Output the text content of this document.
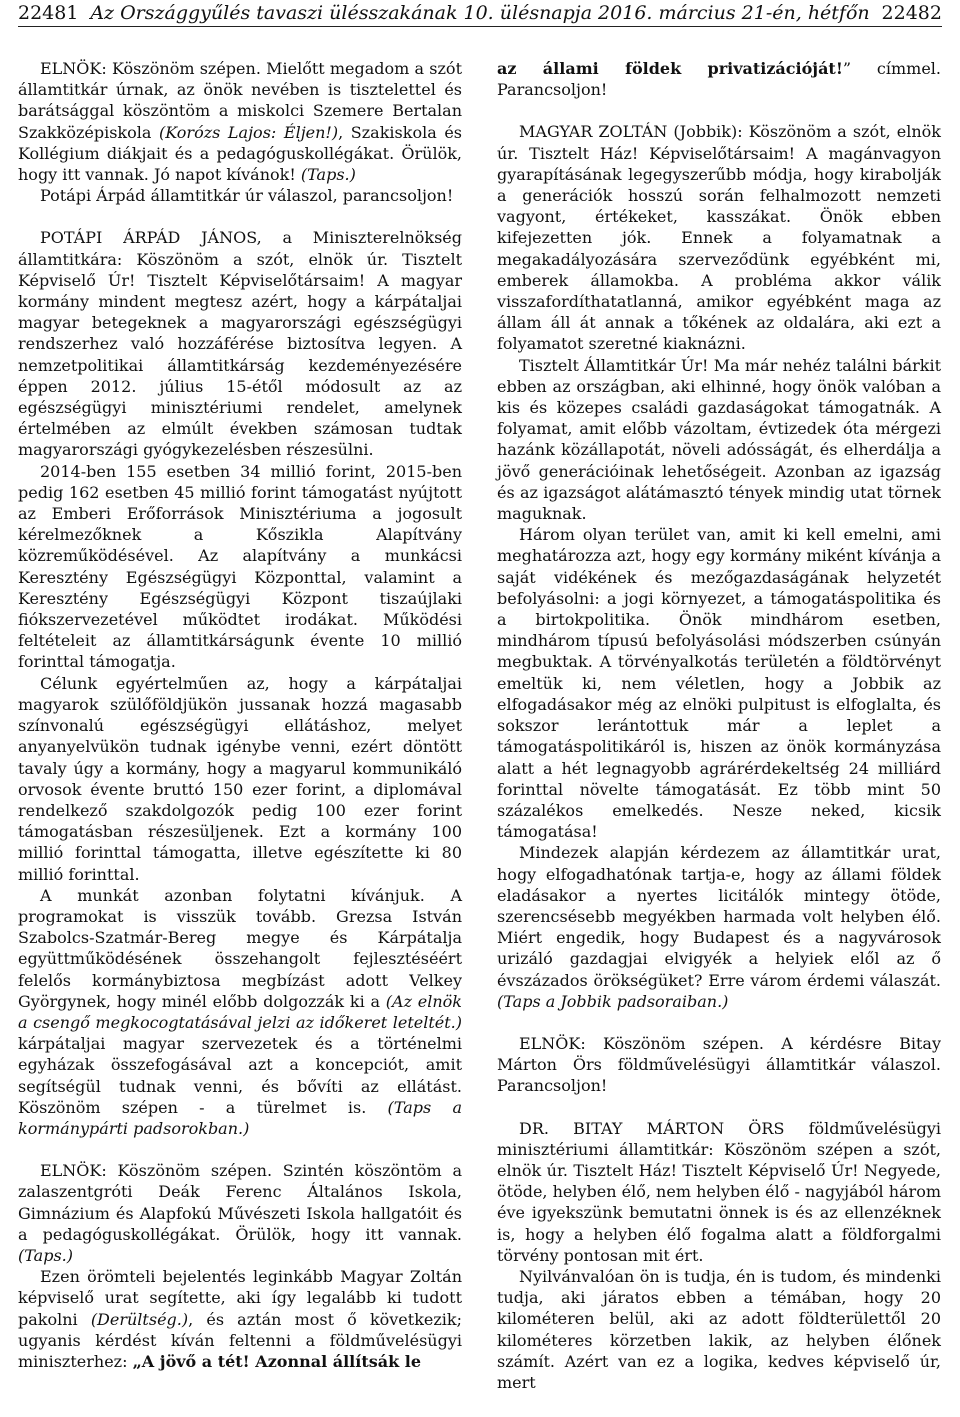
22481 Az Országgyűlés tavaszi ülésszakának 10. ülésnapja 2016. március 21-én, hétfőn 22482

ELNÖK: Köszönöm szépen. Mielőtt megadom a szót államtitkár úrnak, az önök nevében is tisztelettel és barátsággal köszöntöm a miskolci Szemere Bertalan Szakközépiskola (Korózs Lajos: Éljen!), Szakiskola és Kollégium diákjait és a pedagóguskollégákat. Örülök, hogy itt vannak. Jó napot kívánok! (Taps.)

Potápi Árpád államtitkár úr válaszol, parancsoljon!

POTÁPI ÁRPÁD JÁNOS, a Miniszterelnökség államtitkára: Köszönöm a szót, elnök úr. Tisztelt Képviselő Úr! Tisztelt Képviselőtársaim! A magyar kormány mindent megtesz azért, hogy a kárpátaljai magyar betegeknek a magyarországi egészségügyi rendszerhez való hozzáférése biztosítva legyen. A nemzetpolitikai államtitkárság kezdeményezésére éppen 2012. július 15-étől módosult az az egészségügyi minisztériumi rendelet, amelynek értelmében az elmúlt években számosan tudtak magyarországi gyógykezelésben részesülni.

2014-ben 155 esetben 34 millió forint, 2015-ben pedig 162 esetben 45 millió forint támogatást nyújtott az Emberi Erőforrások Minisztériuma a jogosult kérelmezőknek a Kőszikla Alapítvány közreműködésével. Az alapítvány a munkácsi Keresztény Egészségügyi Központtal, valamint a Keresztény Egészségügyi Központ tiszaújlaki fiókszervezetével működtet irodákat. Működési feltételeit az államtitkárságunk évente 10 millió forinttal támogatja.

Célunk egyértelműen az, hogy a kárpátaljai magyarok szülőföldjükön jussanak hozzá magasabb színvonalú egészségügyi ellátáshoz, melyet anyanyelvükön tudnak igénybe venni, ezért döntött tavaly úgy a kormány, hogy a magyarul kommunikáló orvosok évente bruttó 150 ezer forint, a diplomával rendelkező szakdolgozók pedig 100 ezer forint támogatásban részesüljenek. Ezt a kormány 100 millió forinttal támogatta, illetve egészítette ki 80 millió forinttal.

A munkát azonban folytatni kívánjuk. A programokat is visszük tovább. Grezsa István Szabolcs-Szatmár-Bereg megye és Kárpátalja együttműködésének összehangolt fejlesztéséért felelős kormánybiztosa megbízást adott Velkey Györgynek, hogy minél előbb dolgozzák ki a (Az elnök a csengő megkocogtatásával jelzi az időkeret leteltét.) kárpátaljai magyar szervezetek és a történelmi egyházak összefogásával azt a koncepciót, amit segítségül tudnak venni, és bővíti az ellátást. Köszönöm szépen - a türelmet is. (Taps a kormánypárti padsorokban.)

ELNÖK: Köszönöm szépen. Szintén köszöntöm a zalaszentgróti Deák Ferenc Általános Iskola, Gimnázium és Alapfokú Művészeti Iskola hallgatóit és a pedagóguskollégákat. Örülök, hogy itt vannak. (Taps.)

Ezen örömteli bejelentés leginkább Magyar Zoltán képviselő urat segítette, aki így legalább ki tudott pakolni (Derültség.), és aztán most ő következik; ugyanis kérdést kíván feltenni a földművelésügyi miniszterhez: „A jövő a tét! Azonnal állítsák le

az állami földek privatizációját!” címmel. Parancsoljon!

MAGYAR ZOLTÁN (Jobbik): Köszönöm a szót, elnök úr. Tisztelt Ház! Képviselőtársaim! A magánvagyon gyarapításának legegyszerűbb módja, hogy kirabolják a generációk hosszú során felhalmozott nemzeti vagyont, értékeket, kasszákat. Önök ebben kifejezetten jók. Ennek a folyamatnak a megakadályozására szerveződünk egyébként mi, emberek államokba. A probléma akkor válik visszafordíthatatlanná, amikor egyébként maga az állam áll át annak a tőkének az oldalára, aki ezt a folyamatot szeretné kiaknázni.

Tisztelt Államtitkár Úr! Ma már nehéz találni bárkit ebben az országban, aki elhinné, hogy önök valóban a kis és közepes családi gazdaságokat támogatnák. A folyamat, amit előbb vázoltam, évtizedek óta mérgezi hazánk közállapotát, növeli adósságát, és elherdálja a jövő generációinak lehetőségeit. Azonban az igazság és az igazságot alátámasztó tények mindig utat törnek maguknak.

Három olyan terület van, amit ki kell emelni, ami meghatározza azt, hogy egy kormány miként kívánja a saját vidékének és mezőgazdaságának helyzetét befolyásolni: a jogi környezet, a támogatáspolitika és a birtokpolitika. Önök mindhárom esetben, mindhárom típusú befolyásolási módszerben csúnyán megbuktak. A törvényalkotás területén a földtörvényt emeltük ki, nem véletlen, hogy a Jobbik az elfogadásakor még az elnöki pulpitust is elfoglalta, és sokszor lerántottuk már a leplet a támogatáspolitikáról is, hiszen az önök kormányzása alatt a hét legnagyobb agrárérdekeltség 24 milliárd forinttal növelte támogatását. Ez több mint 50 százalékos emelkedés. Nesze neked, kicsik támogatása!

Mindezek alapján kérdezem az államtitkár urat, hogy elfogadhatónak tartja-e, hogy az állami földek eladásakor a nyertes licitálók mintegy ötöde, szerencsésebb megyékben harmada volt helyben élő. Miért engedik, hogy Budapest és a nagyvárosok urizáló gazdagjai elvigyék a helyiek elől az ő évszázados örökségüket? Erre várom érdemi válaszát. (Taps a Jobbik padsoraiban.)

ELNÖK: Köszönöm szépen. A kérdésre Bitay Márton Örs földművelésügyi államtitkár válaszol. Parancsoljon!

DR. BITAY MÁRTON ÖRS földművelésügyi minisztériumi államtitkár: Köszönöm szépen a szót, elnök úr. Tisztelt Ház! Tisztelt Képviselő Úr! Negyede, ötöde, helyben élő, nem helyben élő - nagyjából három éve igyekszünk bemutatni önnek is és az ellenzéknek is, hogy a helyben élő fogalma alatt a földforgalmi törvény pontosan mit ért.

Nyilvánvalóan ön is tudja, én is tudom, és mindenki tudja, aki járatos ebben a témában, hogy 20 kilométeren belül, aki az adott földterülettől 20 kilométeres körzetben lakik, az helyben élőnek számít. Azért van ez a logika, kedves képviselő úr, mert
